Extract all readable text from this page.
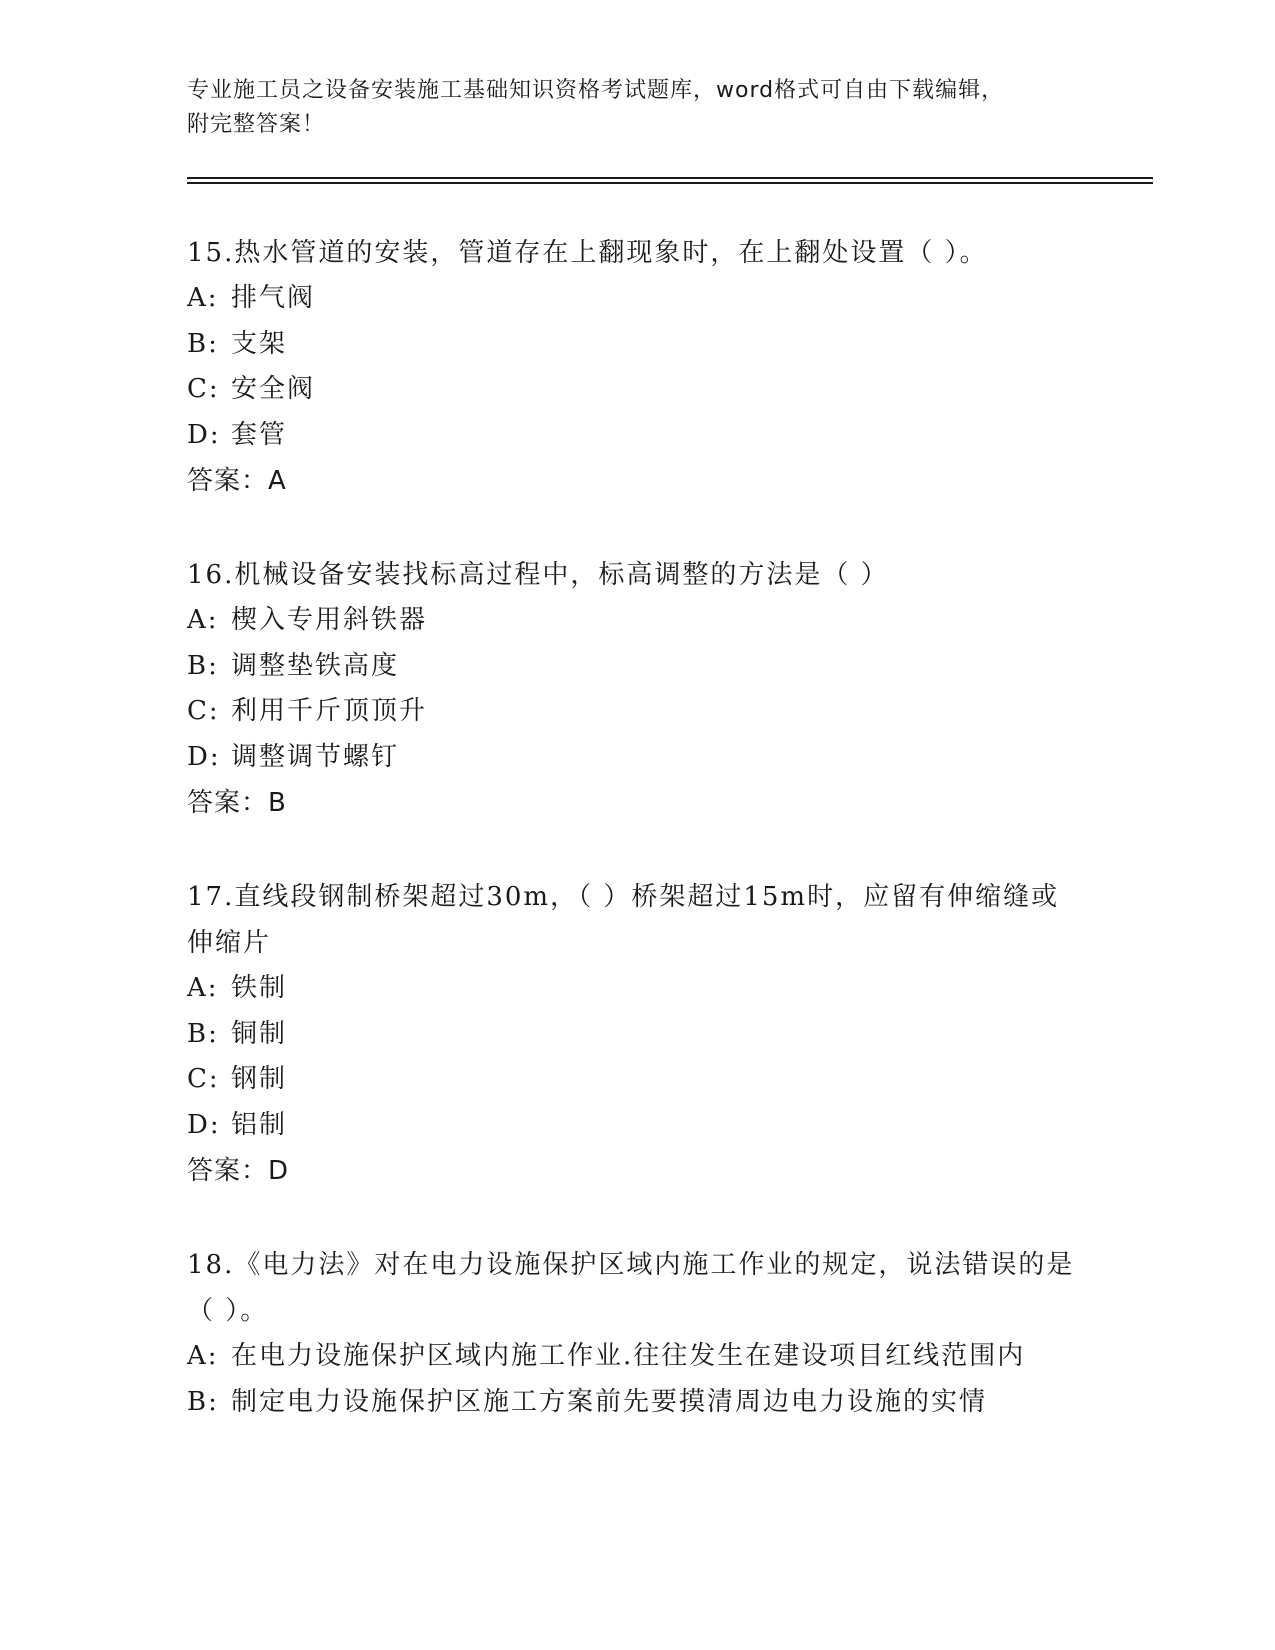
专业施工员之设备安装施工基础知识资格考试题库，word格式可自由下载编辑，
附完整答案！
15.热水管道的安装，管道存在上翻现象时，在上翻处设置（ ）。
A: 排气阀
B: 支架
C: 安全阀
D: 套管
答案：A
16.机械设备安装找标高过程中，标高调整的方法是（ ）
A: 楔入专用斜铁器
B: 调整垫铁高度
C: 利用千斤顶顶升
D: 调整调节螺钉
答案：B
17.直线段钢制桥架超过30m，（ ）桥架超过15m时，应留有伸缩缝或伸缩片
A: 铁制
B: 铜制
C: 钢制
D: 铝制
答案：D
18.《电力法》对在电力设施保护区域内施工作业的规定，说法错误的是（ ）。
A: 在电力设施保护区域内施工作业.往往发生在建设项目红线范围内
B: 制定电力设施保护区施工方案前先要摸清周边电力设施的实情
